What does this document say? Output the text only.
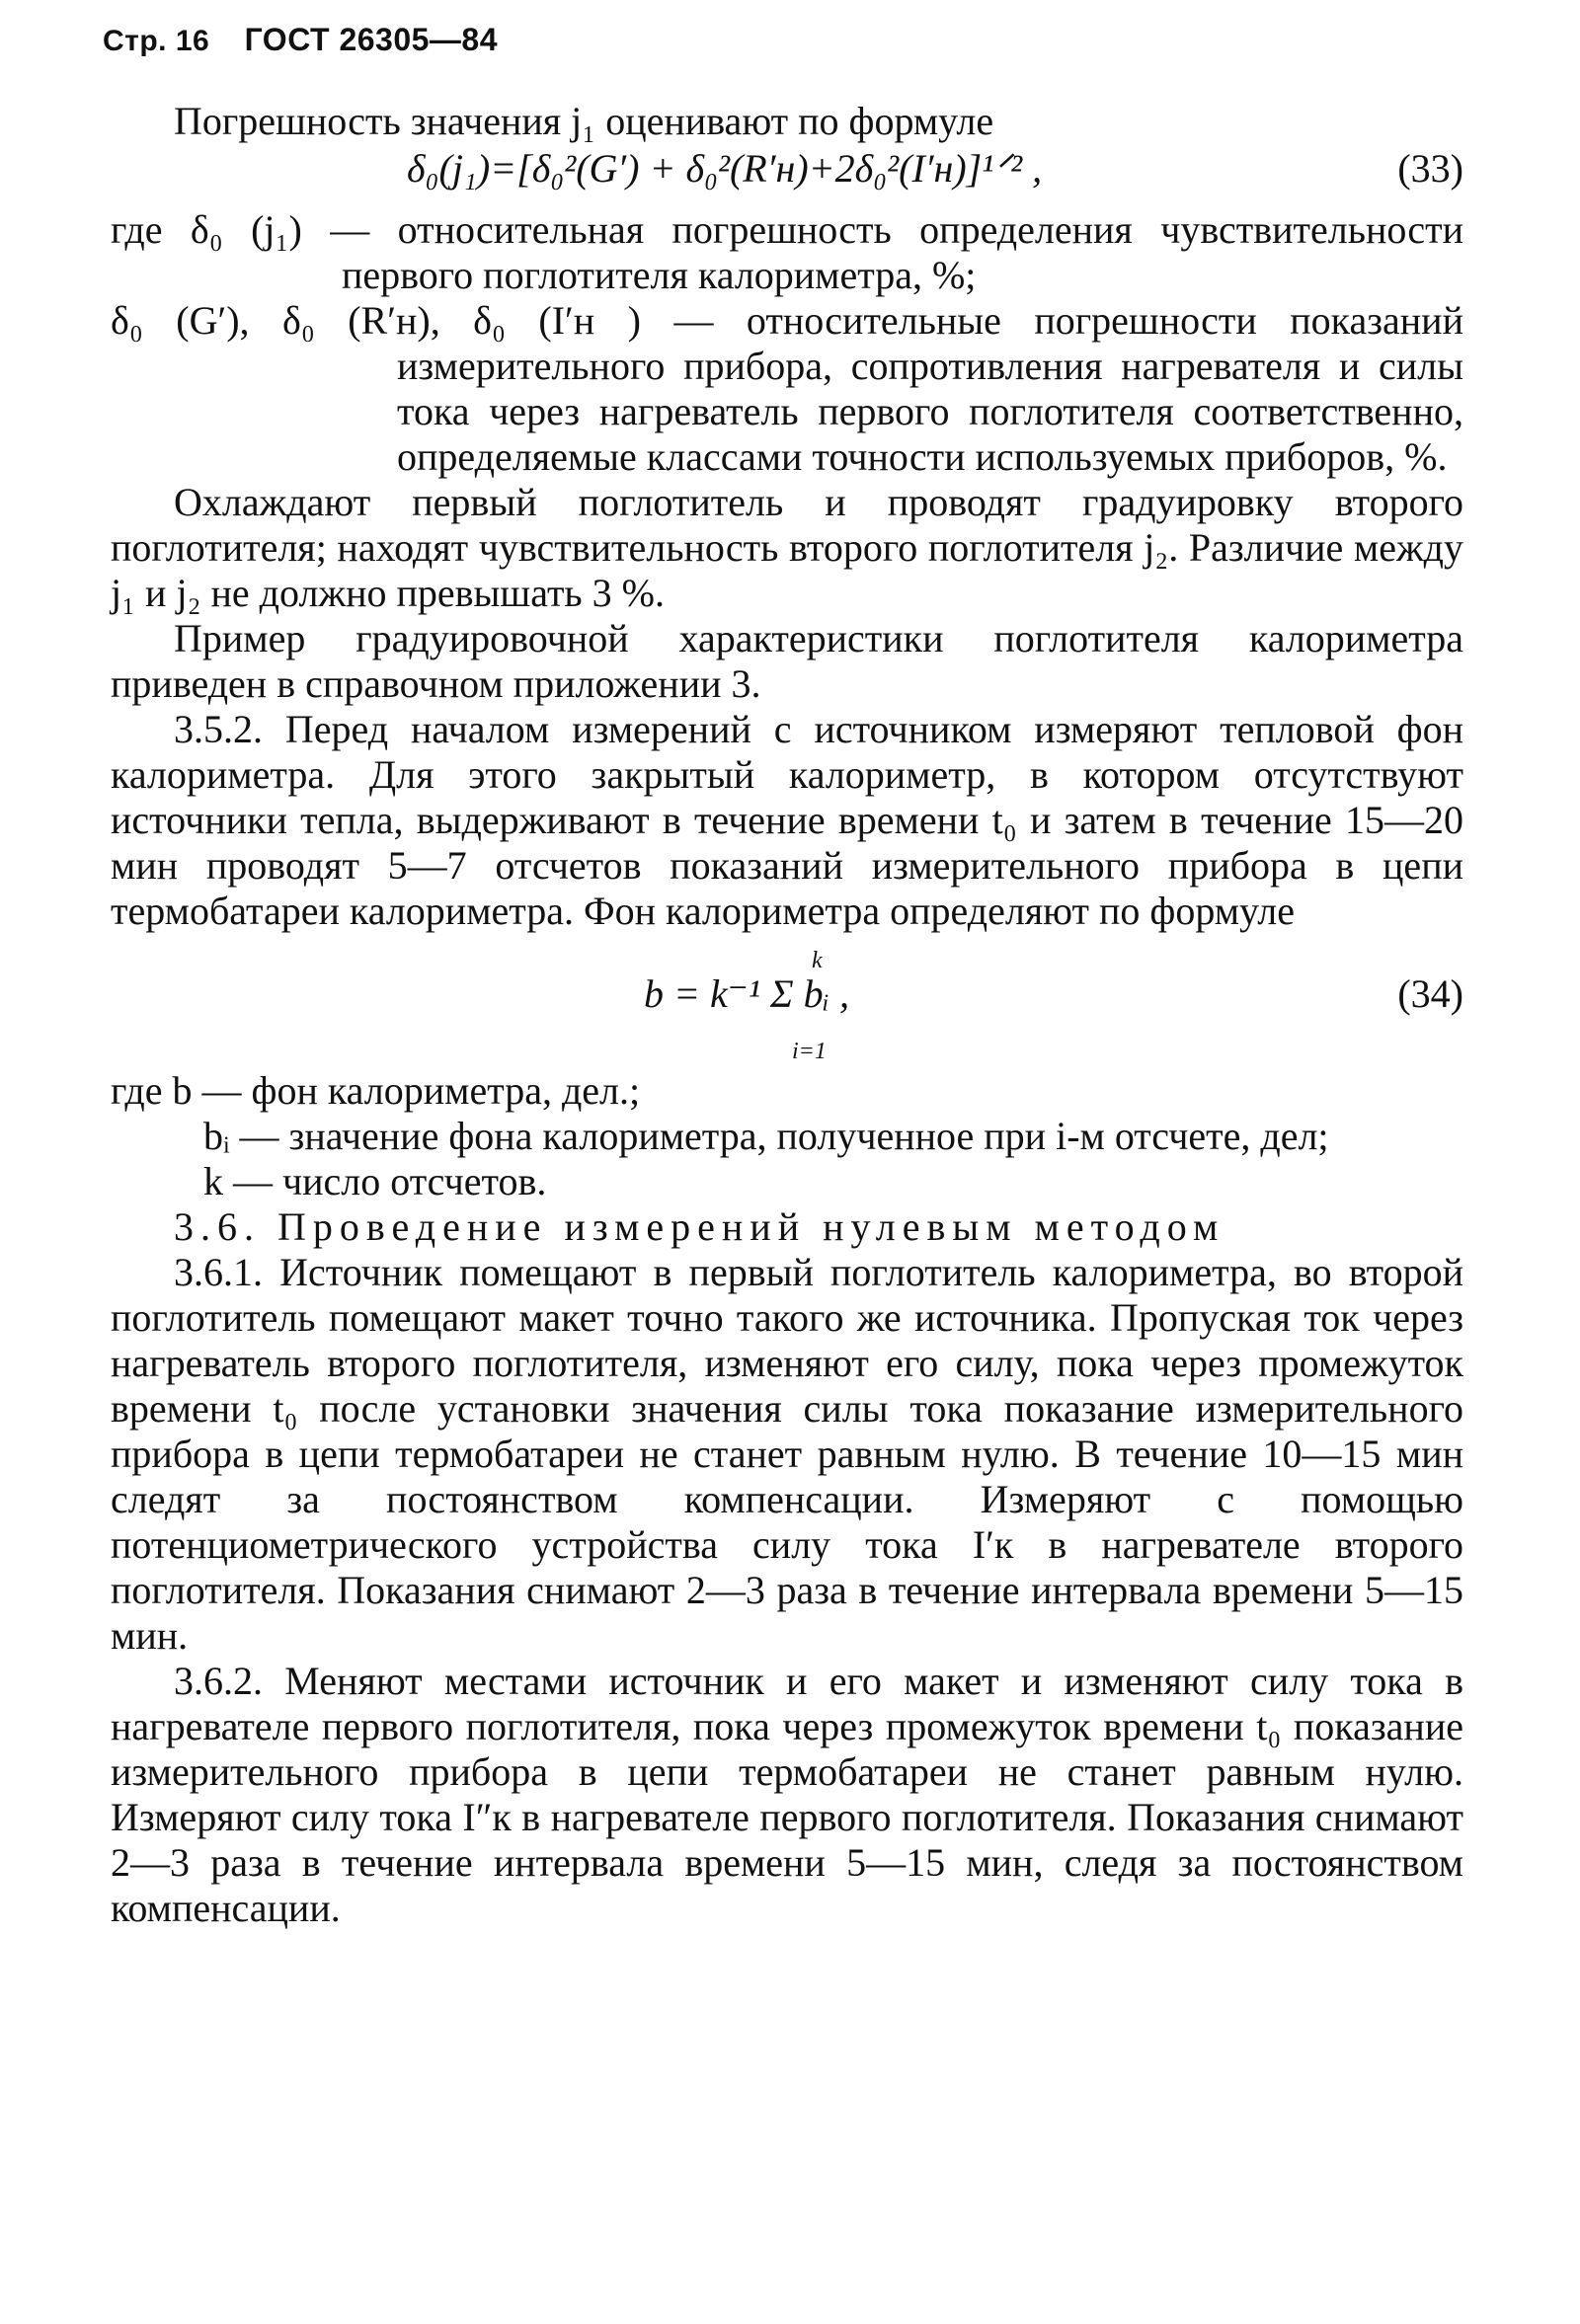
Стр. 16 ГОСТ 26305—84

Погрешность значения j₁ оценивают по формуле

δ₀(j₁)=[δ₀²(G′) + δ₀²(R′н)+2δ₀²(I′н)]¹ᐟ² ,	(33)

где δ₀ (j₁) — относительная погрешность определения чувствительности первого поглотителя калориметра, %;

δ₀ (G′), δ₀ (R′н), δ₀ (I′н ) — относительные погрешности показаний измерительного прибора, сопротивления нагревателя и силы тока через нагреватель первого поглотителя соответственно, определяемые классами точности используемых приборов, %.

Охлаждают первый поглотитель и проводят градуировку второго поглотителя; находят чувствительность второго поглотителя j₂. Различие между j₁ и j₂ не должно превышать 3 %.

Пример градуировочной характеристики поглотителя калориметра приведен в справочном приложении 3.

3.5.2. Перед началом измерений с источником измеряют тепловой фон калориметра. Для этого закрытый калориметр, в котором отсутствуют источники тепла, выдерживают в течение времени t₀ и затем в течение 15—20 мин проводят 5—7 отсчетов показаний измерительного прибора в цепи термобатареи калориметра. Фон калориметра определяют по формуле

k
b = k⁻¹ Σ bᵢ ,
i=1
(34)

где b — фон калориметра, дел.;

bᵢ — значение фона калориметра, полученное при i-м отсчете, дел;

k — число отсчетов.

3.6. Проведение измерений нулевым методом

3.6.1. Источник помещают в первый поглотитель калориметра, во второй поглотитель помещают макет точно такого же источника. Пропуская ток через нагреватель второго поглотителя, изменяют его силу, пока через промежуток времени t₀ после установки значения силы тока показание измерительного прибора в цепи термобатареи не станет равным нулю. В течение 10—15 мин следят за постоянством компенсации. Измеряют с помощью потенциометрического устройства силу тока I′к в нагревателе второго поглотителя. Показания снимают 2—3 раза в течение интервала времени 5—15 мин.

3.6.2. Меняют местами источник и его макет и изменяют силу тока в нагревателе первого поглотителя, пока через промежуток времени t₀ показание измерительного прибора в цепи термобатареи не станет равным нулю. Измеряют силу тока I″к в нагревателе первого поглотителя. Показания снимают 2—3 раза в течение интервала времени 5—15 мин, следя за постоянством компенсации.
